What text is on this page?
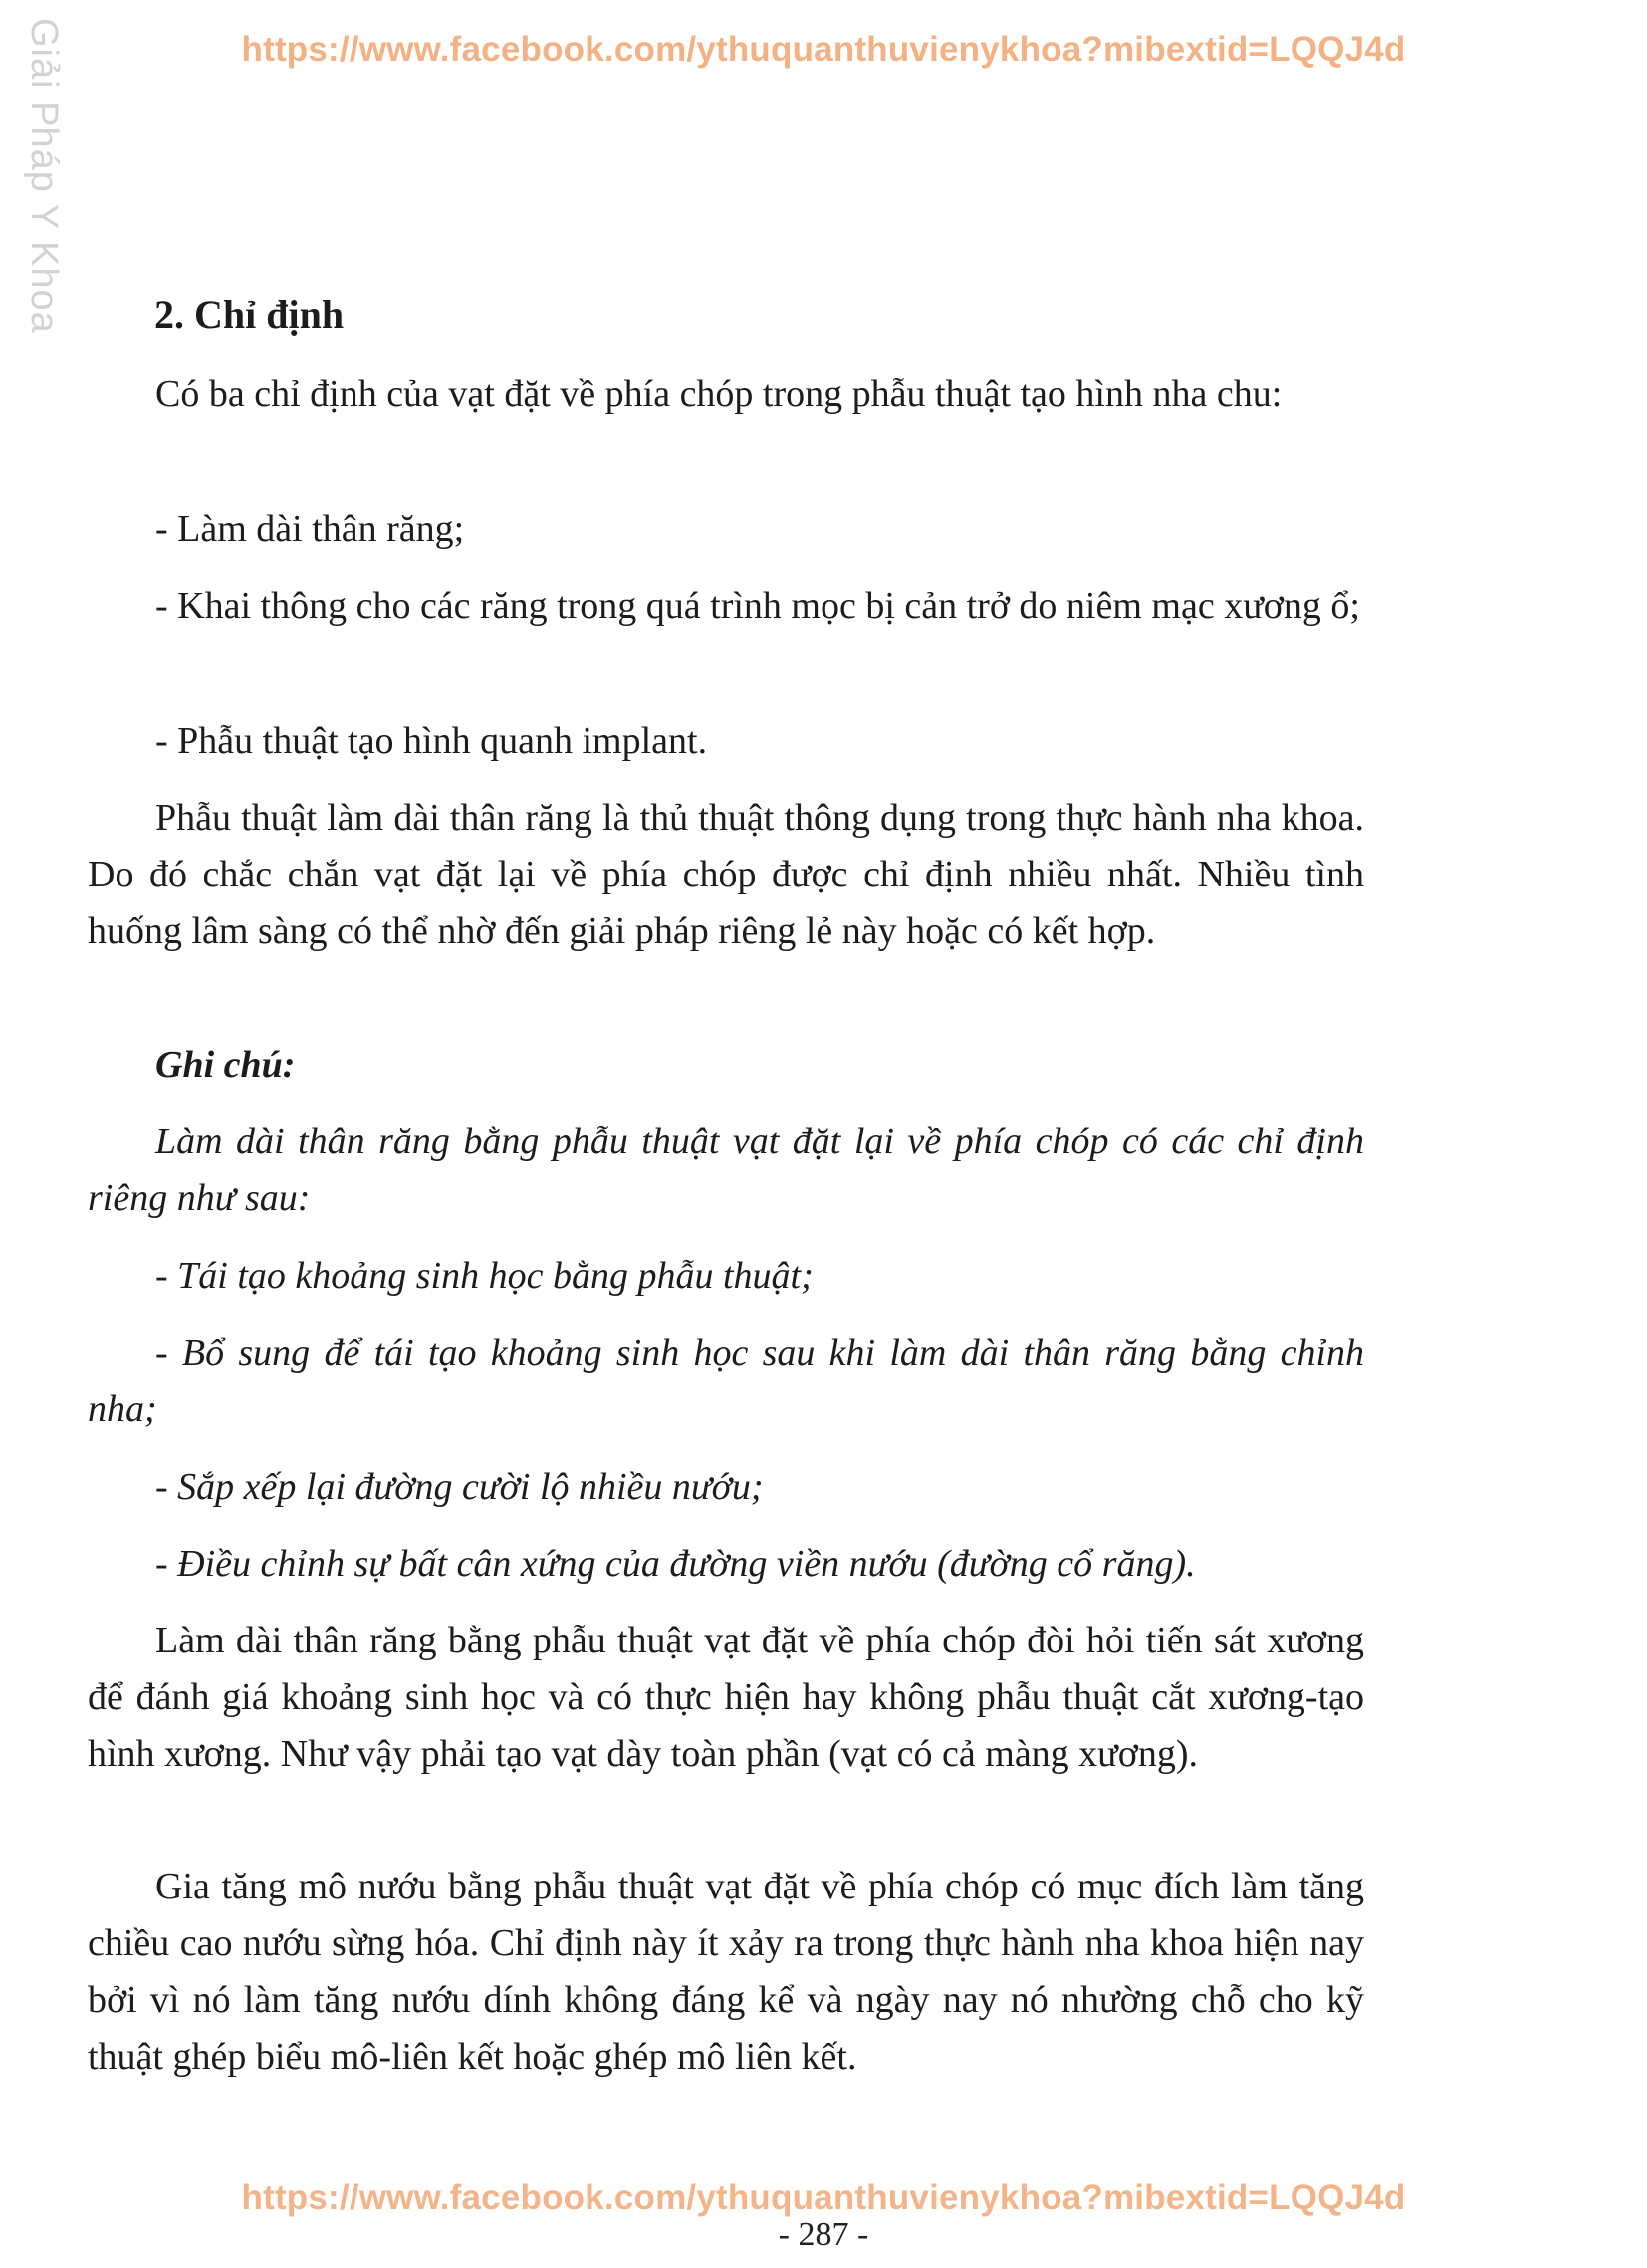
https://www.facebook.com/ythuquanthuvienykhoa?mibextid=LQQJ4d
Giải Pháp Y Khoa 2. Chỉ định

Có ba chỉ định của vạt đặt về phía chóp trong phẫu thuật tạo hình nha chu:

- Làm dài thân răng;

- Khai thông cho các răng trong quá trình mọc bị cản trở do niêm mạc xương ổ;

- Phẫu thuật tạo hình quanh implant.

Phẫu thuật làm dài thân răng là thủ thuật thông dụng trong thực hành nha khoa. Do đó chắc chắn vạt đặt lại về phía chóp được chỉ định nhiều nhất. Nhiều tình huống lâm sàng có thể nhờ đến giải pháp riêng lẻ này hoặc có kết hợp.

Ghi chú:

Làm dài thân răng bằng phẫu thuật vạt đặt lại về phía chóp có các chỉ định riêng như sau:

- Tái tạo khoảng sinh học bằng phẫu thuật;

- Bổ sung để tái tạo khoảng sinh học sau khi làm dài thân răng bằng chỉnh nha;

- Sắp xếp lại đường cười lộ nhiều nướu;

- Điều chỉnh sự bất cân xứng của đường viền nướu (đường cổ răng).

Làm dài thân răng bằng phẫu thuật vạt đặt về phía chóp đòi hỏi tiến sát xương để đánh giá khoảng sinh học và có thực hiện hay không phẫu thuật cắt xương-tạo hình xương. Như vậy phải tạo vạt dày toàn phần (vạt có cả màng xương).

Gia tăng mô nướu bằng phẫu thuật vạt đặt về phía chóp có mục đích làm tăng chiều cao nướu sừng hóa. Chỉ định này ít xảy ra trong thực hành nha khoa hiện nay bởi vì nó làm tăng nướu dính không đáng kể và ngày nay nó nhường chỗ cho kỹ thuật ghép biểu mô-liên kết hoặc ghép mô liên kết.

https://www.facebook.com/ythuquanthuvienykhoa?mibextid=LQQJ4d
- 287 -
